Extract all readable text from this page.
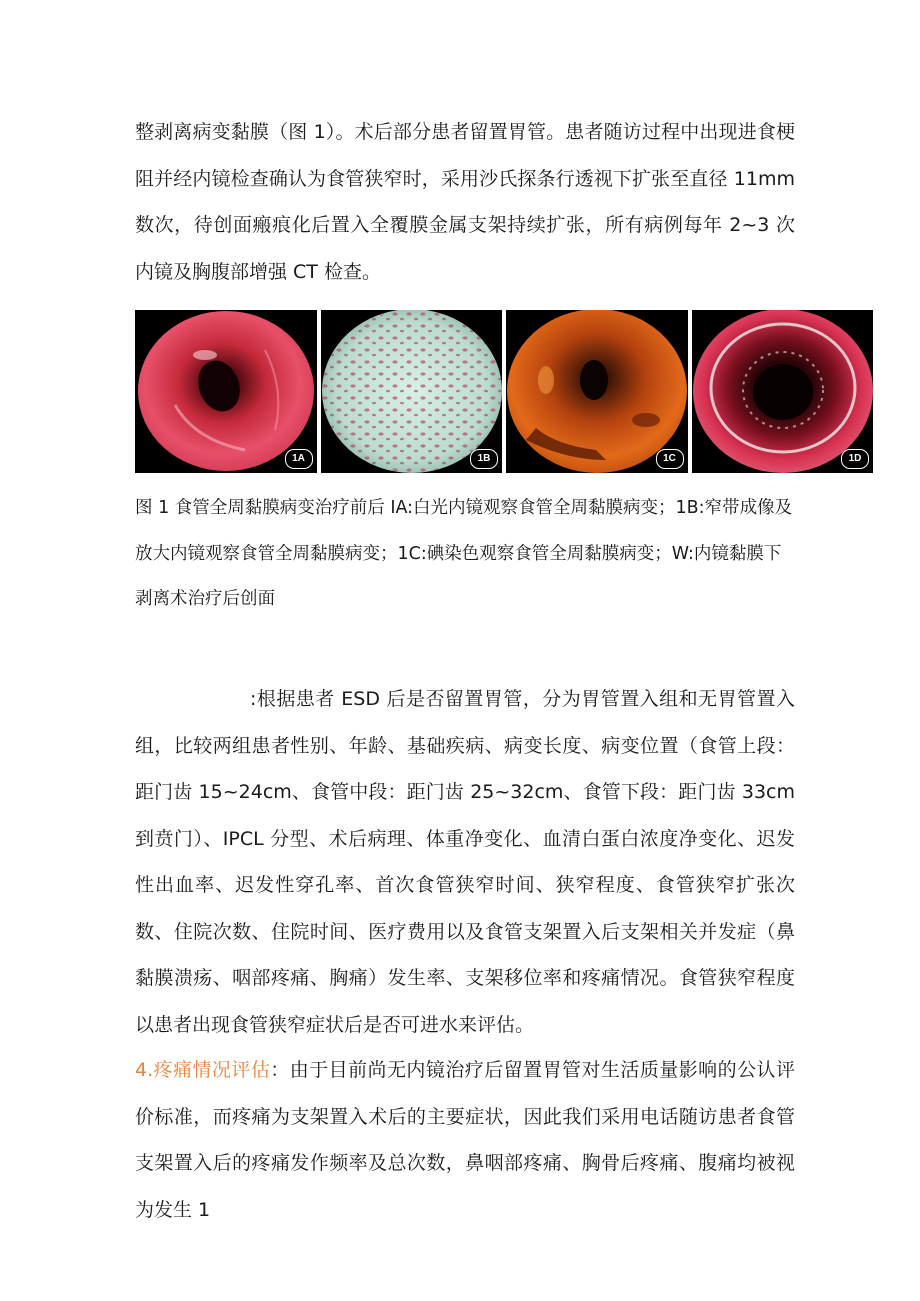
整剥离病变黏膜（图 1）。术后部分患者留置胃管。患者随访过程中出现进食梗阻并经内镜检查确认为食管狭窄时，采用沙氏探条行透视下扩张至直径 11mm 数次，待创面瘢痕化后置入全覆膜金属支架持续扩张，所有病例每年 2~3 次内镜及胸腹部增强 CT 检查。

1A	1B	1C	1D

图 1 食管全周黏膜病变治疗前后 IA:白光内镜观察食管全周黏膜病变；1B:窄带成像及放大内镜观察食管全周黏膜病变；1C:碘染色观察食管全周黏膜病变；W:内镜黏膜下剥离术治疗后创面

:根据患者 ESD 后是否留置胃管，分为胃管置入组和无胃管置入组，比较两组患者性别、年龄、基础疾病、病变长度、病变位置（食管上段：距门齿 15~24cm、食管中段：距门齿 25~32cm、食管下段：距门齿 33cm 到贲门）、IPCL 分型、术后病理、体重净变化、血清白蛋白浓度净变化、迟发性出血率、迟发性穿孔率、首次食管狭窄时间、狭窄程度、食管狭窄扩张次数、住院次数、住院时间、医疗费用以及食管支架置入后支架相关并发症（鼻黏膜溃疡、咽部疼痛、胸痛）发生率、支架移位率和疼痛情况。食管狭窄程度以患者出现食管狭窄症状后是否可进水来评估。

4.疼痛情况评估：由于目前尚无内镜治疗后留置胃管对生活质量影响的公认评价标准，而疼痛为支架置入术后的主要症状，因此我们采用电话随访患者食管支架置入后的疼痛发作频率及总次数，鼻咽部疼痛、胸骨后疼痛、腹痛均被视为发生 1
